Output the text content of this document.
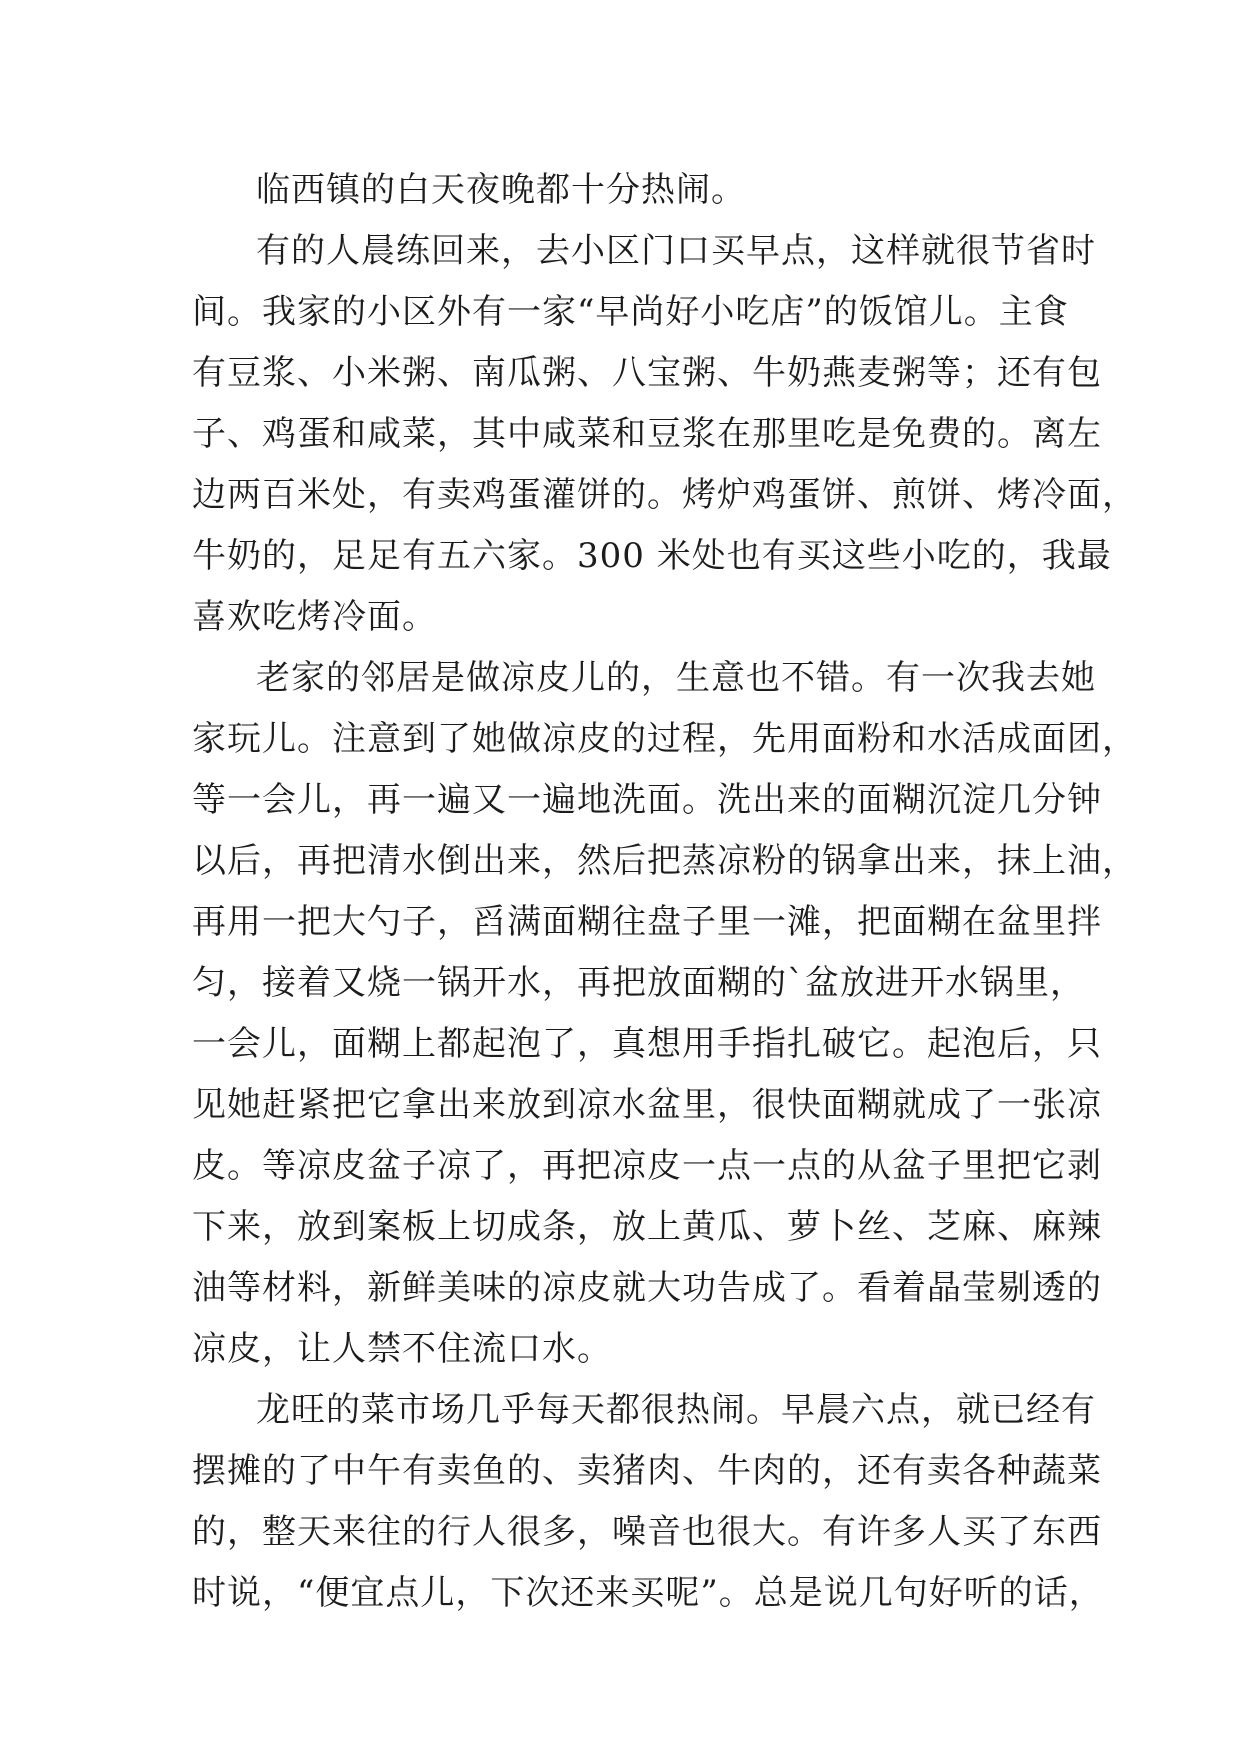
临西镇的白天夜晚都十分热闹。
有的人晨练回来，去小区门口买早点，这样就很节省时
间。我家的小区外有一家“早尚好小吃店”的饭馆儿。主食
有豆浆、小米粥、南瓜粥、八宝粥、牛奶燕麦粥等；还有包
子、鸡蛋和咸菜，其中咸菜和豆浆在那里吃是免费的。离左
边两百米处，有卖鸡蛋灌饼的。烤炉鸡蛋饼、煎饼、烤冷面，
牛奶的，足足有五六家。300 米处也有买这些小吃的，我最
喜欢吃烤冷面。
老家的邻居是做凉皮儿的，生意也不错。有一次我去她
家玩儿。注意到了她做凉皮的过程，先用面粉和水活成面团，
等一会儿，再一遍又一遍地洗面。洗出来的面糊沉淀几分钟
以后，再把清水倒出来，然后把蒸凉粉的锅拿出来，抹上油，
再用一把大勺子，舀满面糊往盘子里一滩，把面糊在盆里拌
匀，接着又烧一锅开水，再把放面糊的`盆放进开水锅里，
一会儿，面糊上都起泡了，真想用手指扎破它。起泡后，只
见她赶紧把它拿出来放到凉水盆里，很快面糊就成了一张凉
皮。等凉皮盆子凉了，再把凉皮一点一点的从盆子里把它剥
下来，放到案板上切成条，放上黄瓜、萝卜丝、芝麻、麻辣
油等材料，新鲜美味的凉皮就大功告成了。看着晶莹剔透的
凉皮，让人禁不住流口水。
龙旺的菜市场几乎每天都很热闹。早晨六点，就已经有
摆摊的了中午有卖鱼的、卖猪肉、牛肉的，还有卖各种蔬菜
的，整天来往的行人很多，噪音也很大。有许多人买了东西
时说，“便宜点儿，下次还来买呢”。总是说几句好听的话，
